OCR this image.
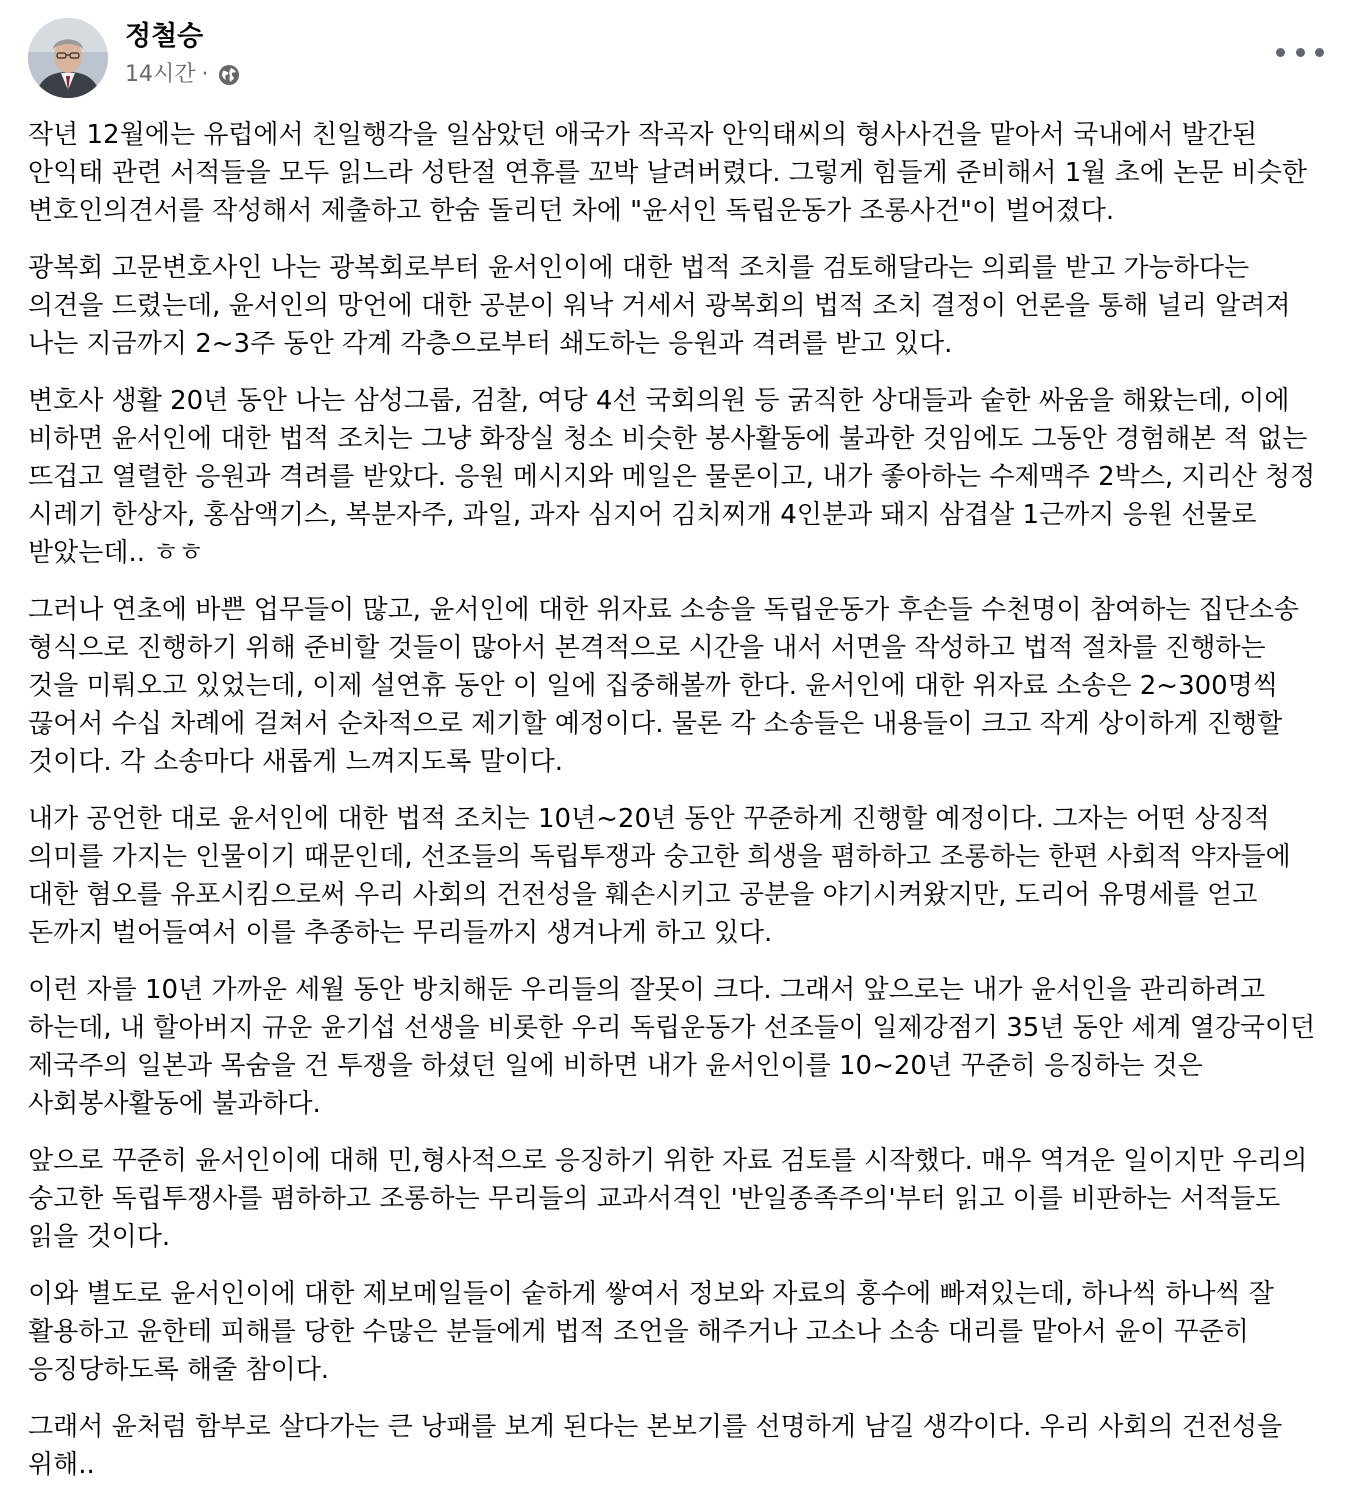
정철승
14시간 ·

작년 12월에는 유럽에서 친일행각을 일삼았던 애국가 작곡자 안익태씨의 형사사건을 맡아서 국내에서 발간된 안익태 관련 서적들을 모두 읽느라 성탄절 연휴를 꼬박 날려버렸다. 그렇게 힘들게 준비해서 1월 초에 논문 비슷한 변호인의견서를 작성해서 제출하고 한숨 돌리던 차에 "윤서인 독립운동가 조롱사건"이 벌어졌다.

광복회 고문변호사인 나는 광복회로부터 윤서인이에 대한 법적 조치를 검토해달라는 의뢰를 받고 가능하다는 의견을 드렸는데, 윤서인의 망언에 대한 공분이 워낙 거세서 광복회의 법적 조치 결정이 언론을 통해 널리 알려져 나는 지금까지 2~3주 동안 각계 각층으로부터 쇄도하는 응원과 격려를 받고 있다.

변호사 생활 20년 동안 나는 삼성그룹, 검찰, 여당 4선 국회의원 등 굵직한 상대들과 숱한 싸움을 해왔는데, 이에 비하면 윤서인에 대한 법적 조치는 그냥 화장실 청소 비슷한 봉사활동에 불과한 것임에도 그동안 경험해본 적 없는 뜨겁고 열렬한 응원과 격려를 받았다. 응원 메시지와 메일은 물론이고, 내가 좋아하는 수제맥주 2박스, 지리산 청정 시레기 한상자, 홍삼액기스, 복분자주, 과일, 과자 심지어 김치찌개 4인분과 돼지 삼겹살 1근까지 응원 선물로 받았는데.. ㅎㅎ

그러나 연초에 바쁜 업무들이 많고, 윤서인에 대한 위자료 소송을 독립운동가 후손들 수천명이 참여하는 집단소송 형식으로 진행하기 위해 준비할 것들이 많아서 본격적으로 시간을 내서 서면을 작성하고 법적 절차를 진행하는 것을 미뤄오고 있었는데, 이제 설연휴 동안 이 일에 집중해볼까 한다. 윤서인에 대한 위자료 소송은 2~300명씩 끊어서 수십 차례에 걸쳐서 순차적으로 제기할 예정이다. 물론 각 소송들은 내용들이 크고 작게 상이하게 진행할 것이다. 각 소송마다 새롭게 느껴지도록 말이다.

내가 공언한 대로 윤서인에 대한 법적 조치는 10년~20년 동안 꾸준하게 진행할 예정이다. 그자는 어떤 상징적 의미를 가지는 인물이기 때문인데, 선조들의 독립투쟁과 숭고한 희생을 폄하하고 조롱하는 한편 사회적 약자들에 대한 혐오를 유포시킴으로써 우리 사회의 건전성을 훼손시키고 공분을 야기시켜왔지만, 도리어 유명세를 얻고 돈까지 벌어들여서 이를 추종하는 무리들까지 생겨나게 하고 있다.

이런 자를 10년 가까운 세월 동안 방치해둔 우리들의 잘못이 크다. 그래서 앞으로는 내가 윤서인을 관리하려고 하는데, 내 할아버지 규운 윤기섭 선생을 비롯한 우리 독립운동가 선조들이 일제강점기 35년 동안 세계 열강국이던 제국주의 일본과 목숨을 건 투쟁을 하셨던 일에 비하면 내가 윤서인이를 10~20년 꾸준히 응징하는 것은 사회봉사활동에 불과하다.

앞으로 꾸준히 윤서인이에 대해 민,형사적으로 응징하기 위한 자료 검토를 시작했다. 매우 역겨운 일이지만 우리의 숭고한 독립투쟁사를 폄하하고 조롱하는 무리들의 교과서격인 '반일종족주의'부터 읽고 이를 비판하는 서적들도 읽을 것이다.

이와 별도로 윤서인이에 대한 제보메일들이 숱하게 쌓여서 정보와 자료의 홍수에 빠져있는데, 하나씩 하나씩 잘 활용하고 윤한테 피해를 당한 수많은 분들에게 법적 조언을 해주거나 고소나 소송 대리를 맡아서 윤이 꾸준히 응징당하도록 해줄 참이다.

그래서 윤처럼 함부로 살다가는 큰 낭패를 보게 된다는 본보기를 선명하게 남길 생각이다. 우리 사회의 건전성을 위해..
